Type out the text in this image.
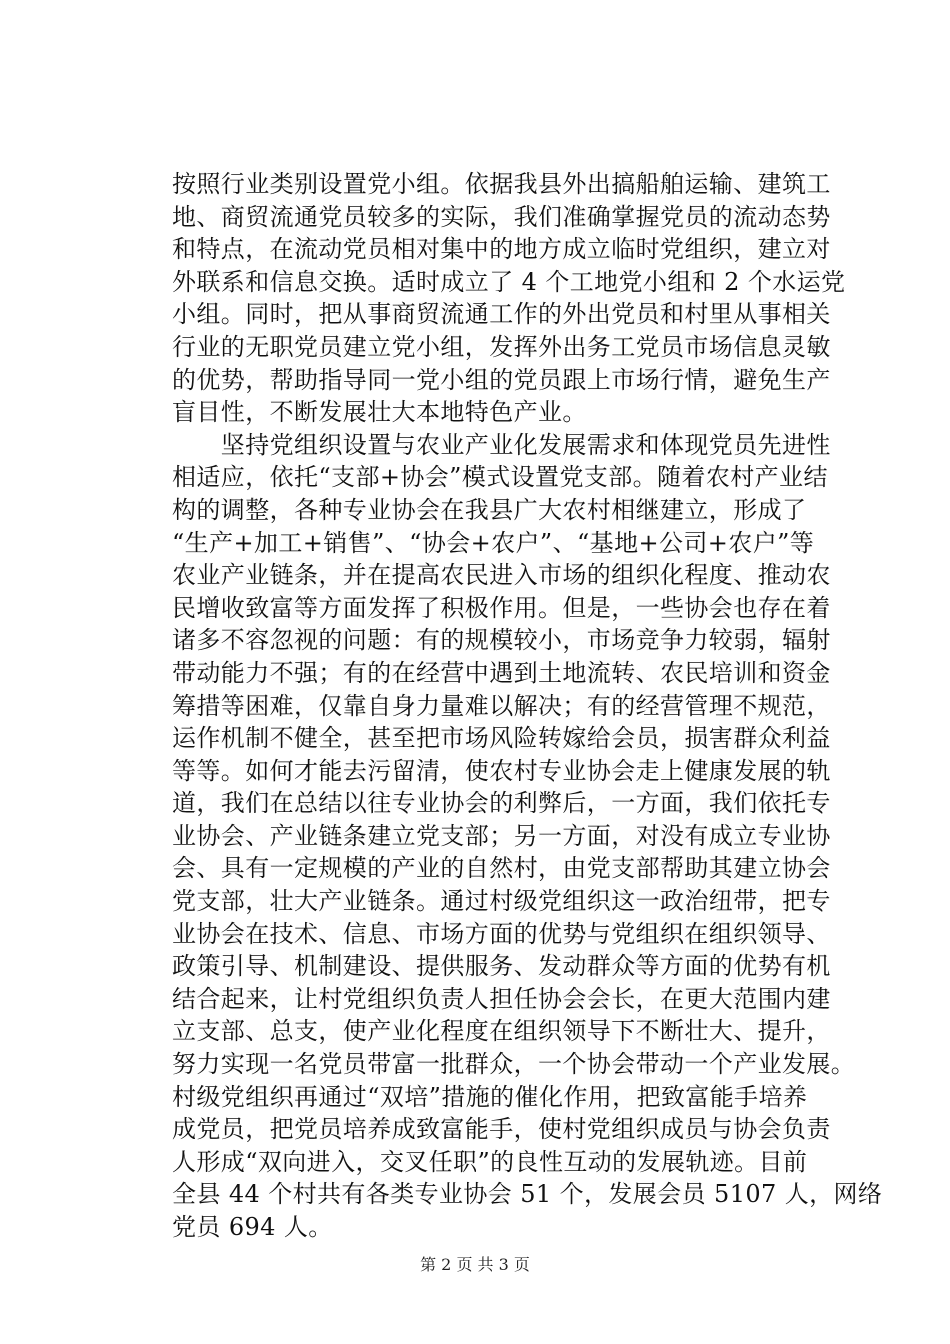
按照行业类别设置党小组。依据我县外出搞船舶运输、建筑工
地、商贸流通党员较多的实际，我们准确掌握党员的流动态势
和特点，在流动党员相对集中的地方成立临时党组织，建立对
外联系和信息交换。适时成立了 4 个工地党小组和 2 个水运党
小组。同时，把从事商贸流通工作的外出党员和村里从事相关
行业的无职党员建立党小组，发挥外出务工党员市场信息灵敏
的优势，帮助指导同一党小组的党员跟上市场行情，避免生产
盲目性，不断发展壮大本地特色产业。
　　坚持党组织设置与农业产业化发展需求和体现党员先进性
相适应，依托“支部+协会”模式设置党支部。随着农村产业结
构的调整，各种专业协会在我县广大农村相继建立，形成了
“生产+加工+销售”、“协会+农户”、“基地+公司+农户”等
农业产业链条，并在提高农民进入市场的组织化程度、推动农
民增收致富等方面发挥了积极作用。但是，一些协会也存在着
诸多不容忽视的问题：有的规模较小，市场竞争力较弱，辐射
带动能力不强；有的在经营中遇到土地流转、农民培训和资金
筹措等困难，仅靠自身力量难以解决；有的经营管理不规范，
运作机制不健全，甚至把市场风险转嫁给会员，损害群众利益
等等。如何才能去污留清，使农村专业协会走上健康发展的轨
道，我们在总结以往专业协会的利弊后，一方面，我们依托专
业协会、产业链条建立党支部；另一方面，对没有成立专业协
会、具有一定规模的产业的自然村，由党支部帮助其建立协会
党支部，壮大产业链条。通过村级党组织这一政治纽带，把专
业协会在技术、信息、市场方面的优势与党组织在组织领导、
政策引导、机制建设、提供服务、发动群众等方面的优势有机
结合起来，让村党组织负责人担任协会会长，在更大范围内建
立支部、总支，使产业化程度在组织领导下不断壮大、提升，
努力实现一名党员带富一批群众，一个协会带动一个产业发展。
村级党组织再通过“双培”措施的催化作用，把致富能手培养
成党员，把党员培养成致富能手，使村党组织成员与协会负责
人形成“双向进入，交叉任职”的良性互动的发展轨迹。目前
全县 44 个村共有各类专业协会 51 个，发展会员 5107 人，网络
党员 694 人。
第 2 页 共 3 页
